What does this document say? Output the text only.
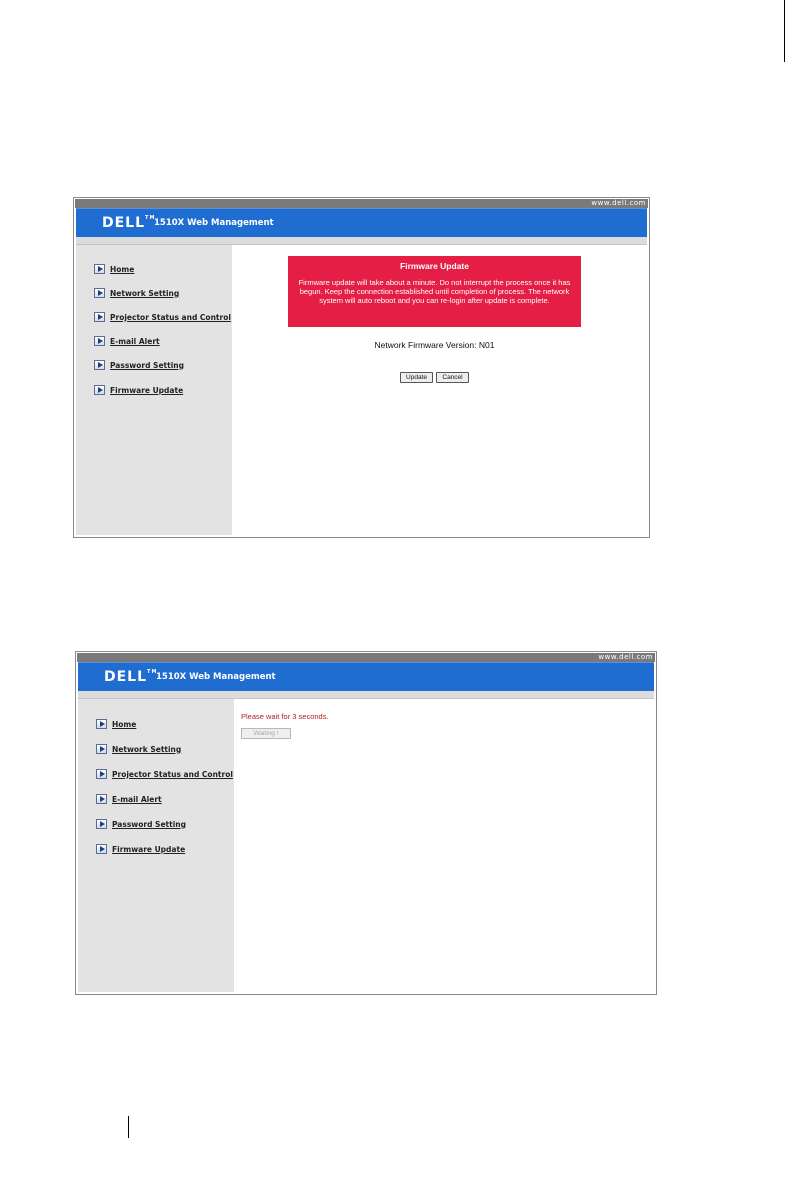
www.dell.com
DELL™
1510X Web Management
Home
Network Setting
Projector Status and Control
E-mail Alert
Password Setting
Firmware Update
Firmware Update
Firmware update will take about a minute. Do not interrupt the process once it has begun. Keep the connection established until completion of process. The network system will auto reboot and you can re-login after update is complete.
Network Firmware Version: N01
Update	Cancel
www.dell.com
DELL™
1510X Web Management
Home
Network Setting
Projector Status and Control
E-mail Alert
Password Setting
Firmware Update
Please wait for 3 seconds.
Waiting !
